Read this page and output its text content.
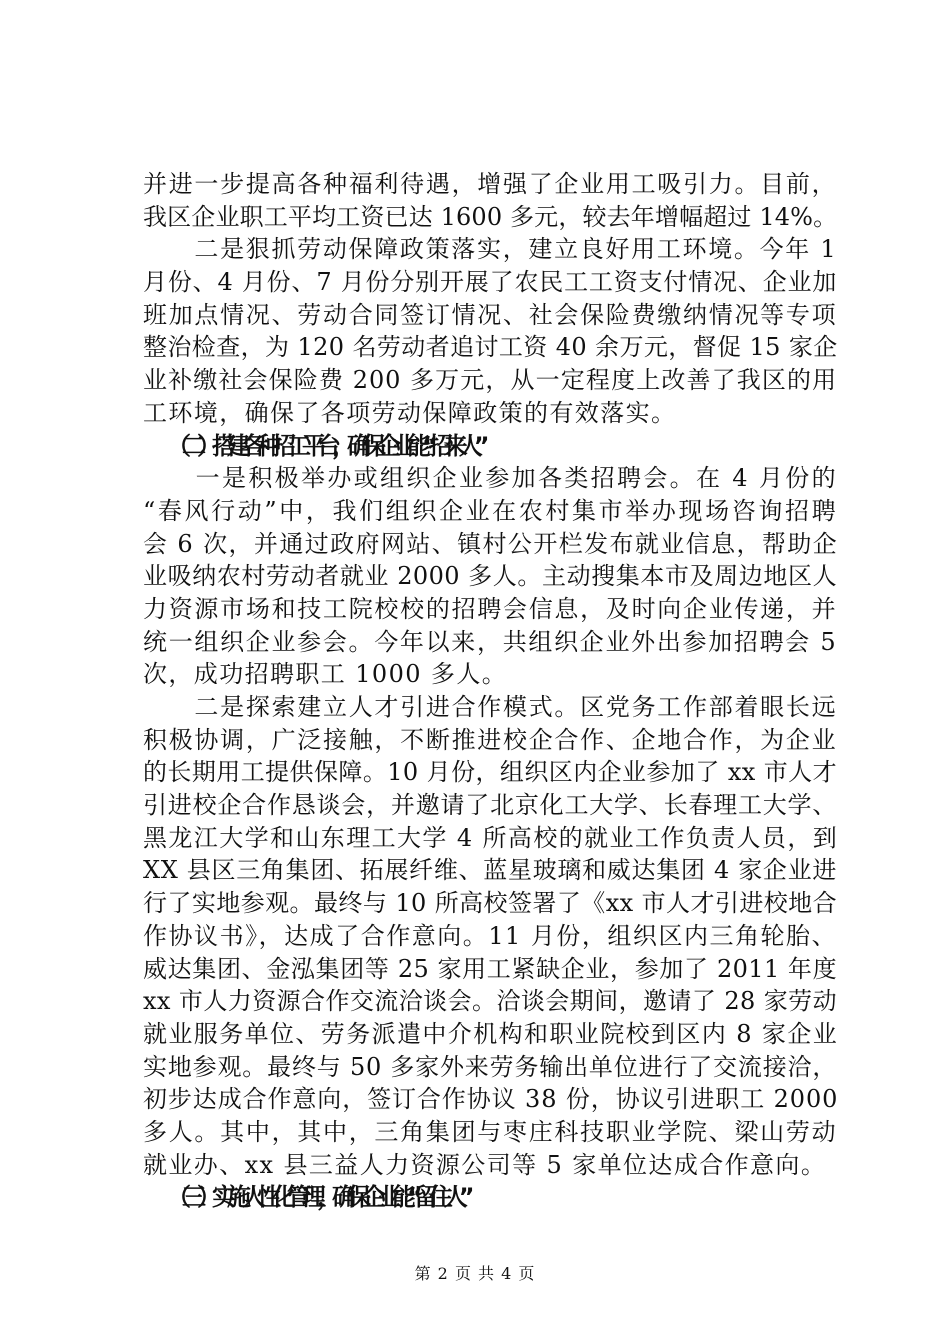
并进一步提高各种福利待遇，增强了企业用工吸引力。目前，
我区企业职工平均工资已达 1600 多元，较去年增幅超过 14%。
　　二是狠抓劳动保障政策落实，建立良好用工环境。今年 1
月份、4 月份、7 月份分别开展了农民工工资支付情况、企业加
班加点情况、劳动合同签订情况、社会保险费缴纳情况等专项
整治检查，为 120 名劳动者追讨工资 40 余万元，督促 15 家企
业补缴社会保险费 200 多万元，从一定程度上改善了我区的用
工环境，确保了各项劳动保障政策的有效落实。
（二）搭建各种招工平台，确保企业能“招来人”
　　一是积极举办或组织企业参加各类招聘会。在 4 月份的
“春风行动”中，我们组织企业在农村集市举办现场咨询招聘
会 6 次，并通过政府网站、镇村公开栏发布就业信息，帮助企
业吸纳农村劳动者就业 2000 多人。主动搜集本市及周边地区人
力资源市场和技工院校校的招聘会信息，及时向企业传递，并
统一组织企业参会。今年以来，共组织企业外出参加招聘会 5
次，成功招聘职工 1000 多人。
　　二是探索建立人才引进合作模式。区党务工作部着眼长远
积极协调，广泛接触，不断推进校企合作、企地合作，为企业
的长期用工提供保障。10 月份，组织区内企业参加了 xx 市人才
引进校企合作恳谈会，并邀请了北京化工大学、长春理工大学、
黑龙江大学和山东理工大学 4 所高校的就业工作负责人员，到
XX 县区三角集团、拓展纤维、蓝星玻璃和威达集团 4 家企业进
行了实地参观。最终与 10 所高校签署了《xx 市人才引进校地合
作协议书》，达成了合作意向。11 月份，组织区内三角轮胎、
威达集团、金泓集团等 25 家用工紧缺企业，参加了 2011 年度
xx 市人力资源合作交流洽谈会。洽谈会期间，邀请了 28 家劳动
就业服务单位、劳务派遣中介机构和职业院校到区内 8 家企业
实地参观。最终与 50 多家外来劳务输出单位进行了交流接洽，
初步达成合作意向，签订合作协议 38 份，协议引进职工 2000
多人。其中，其中，三角集团与枣庄科技职业学院、梁山劳动
就业办、xx 县三益人力资源公司等 5 家单位达成合作意向。
（三）实施人性化管理，确保企业能“留住人”
第 2 页 共 4 页
